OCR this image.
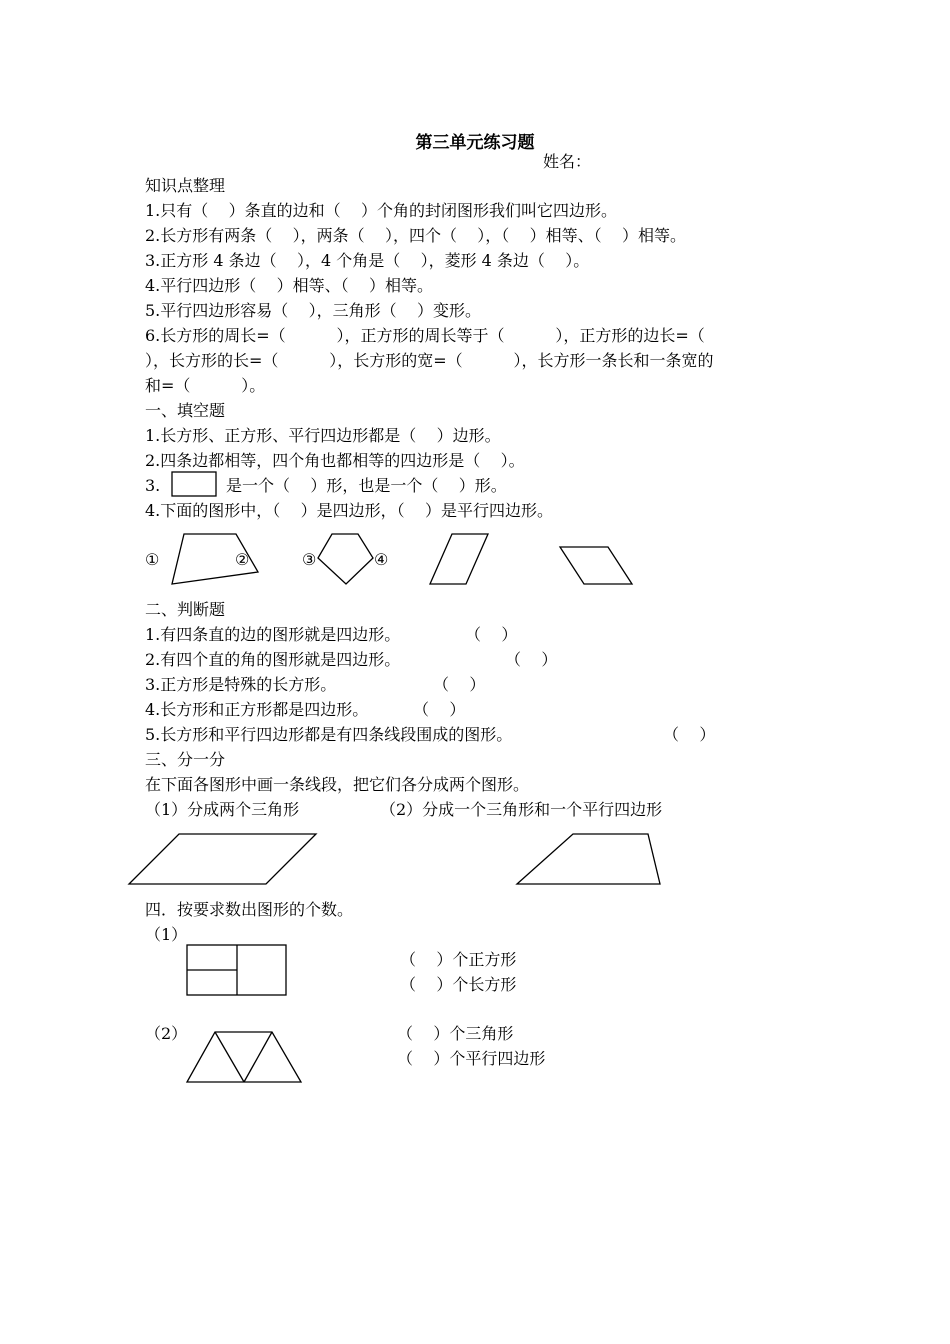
第三单元练习题
姓名：
知识点整理
1.只有（    ）条直的边和（    ）个角的封闭图形我们叫它四边形。
2.长方形有两条（    ），两条（    ），四个（    ），（    ）相等、（    ）相等。
3.正方形 4 条边（    ），4 个角是（    ），菱形 4 条边（    ）。
4.平行四边形（    ）相等、（    ）相等。
5.平行四边形容易（    ），三角形（    ）变形。
6.长方形的周长=（          ），正方形的周长等于（          ），正方形的边长=（
），长方形的长=（          ），长方形的宽=（          ），长方形一条长和一条宽的
和=（          ）。
一、填空题
1.长方形、正方形、平行四边形都是（    ）边形。
2.四条边都相等，四个角也都相等的四边形是（    ）。
3.	是一个（    ）形，也是一个（    ）形。
4.下面的图形中，（    ）是四边形，（    ）是平行四边形。
①	②	③	④
二、判断题
1.有四条直的边的图形就是四边形。	（    ）
2.有四个直的角的图形就是四边形。	（    ）
3.正方形是特殊的长方形。	（    ）
4.长方形和正方形都是四边形。	（    ）
5.长方形和平行四边形都是有四条线段围成的图形。	（    ）
三、分一分
在下面各图形中画一条线段，把它们各分成两个图形。
（1）分成两个三角形	（2）分成一个三角形和一个平行四边形
四．按要求数出图形的个数。
（1）
（    ）个正方形
（    ）个长方形
（2）	（    ）个三角形
（    ）个平行四边形
